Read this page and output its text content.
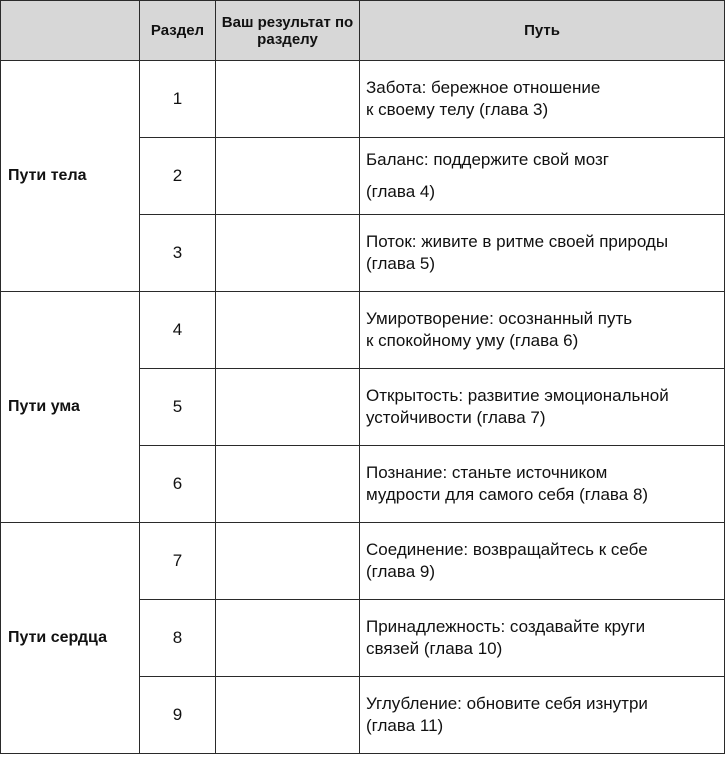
	Раздел	Ваш результат по разделу	Путь
Пути тела	1		Забота: бережное отношение
к своему телу (глава 3)

	2		Баланс: поддержите свой мозг
(глава 4)

	3		Поток: живите в ритме своей природы
(глава 5)

Пути ума	4		Умиротворение: осознанный путь
к спокойному уму (глава 6)

	5		Открытость: развитие эмоциональной
устойчивости (глава 7)

	6		Познание: станьте источником
мудрости для самого себя (глава 8)

Пути сердца	7		Соединение: возвращайтесь к себе
(глава 9)

	8		Принадлежность: создавайте круги
связей (глава 10)

	9		Углубление: обновите себя изнутри
(глава 11)
